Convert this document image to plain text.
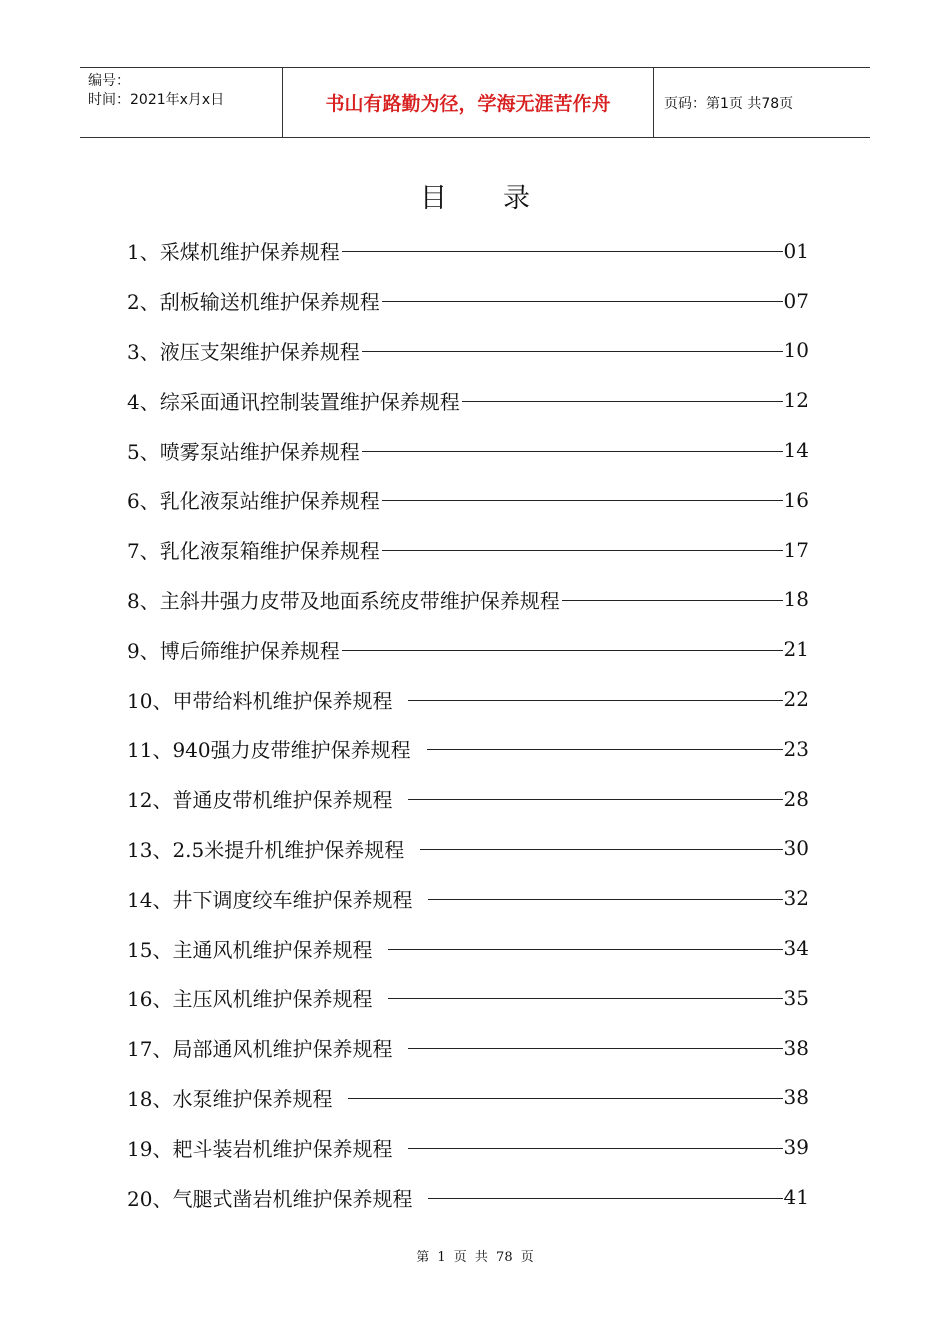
编号：
时间：2021年x月x日	书山有路勤为径，学海无涯苦作舟	页码：第1页 共78页
目录
1、 采煤机维护保养规程	01
2、 刮板输送机维护保养规程	07
3、 液压支架维护保养规程	10
4、 综采面通讯控制装置维护保养规程	12
5、 喷雾泵站维护保养规程	14
6、 乳化液泵站维护保养规程	16
7、 乳化液泵箱维护保养规程	17
8、 主斜井强力皮带及地面系统皮带维护保养规程	18
9、 博后筛维护保养规程	21
10、 甲带给料机维护保养规程	22
11、 940强力皮带维护保养规程	23
12、 普通皮带机维护保养规程	28
13、 2.5米提升机维护保养规程	30
14、 井下调度绞车维护保养规程	32
15、 主通风机维护保养规程	34
16、 主压风机维护保养规程	35
17、 局部通风机维护保养规程	38
18、 水泵维护保养规程	38
19、 耙斗装岩机维护保养规程	39
20、 气腿式凿岩机维护保养规程	41
第 1 页 共 78 页
